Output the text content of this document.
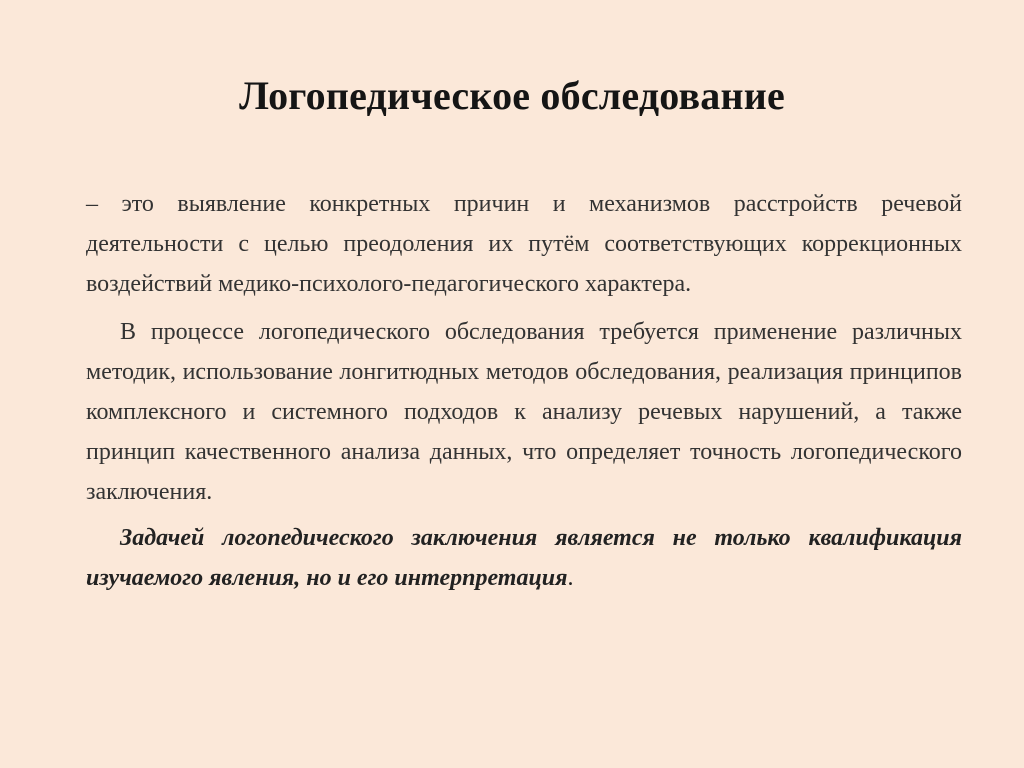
Логопедическое обследование

– это выявление конкретных причин и механизмов расстройств речевой деятельности с целью преодоления их путём соответствующих коррекционных воздействий медико-психолого-педагогического характера.

В процессе логопедического обследования требуется применение различных методик, использование лонгитюдных методов обследования, реализация принципов комплексного и системного подходов к анализу речевых нарушений, а также принцип качественного анализа данных, что определяет точность логопедического заключения.

Задачей логопедического заключения является не только квалификация изучаемого явления, но и его интерпретация.
